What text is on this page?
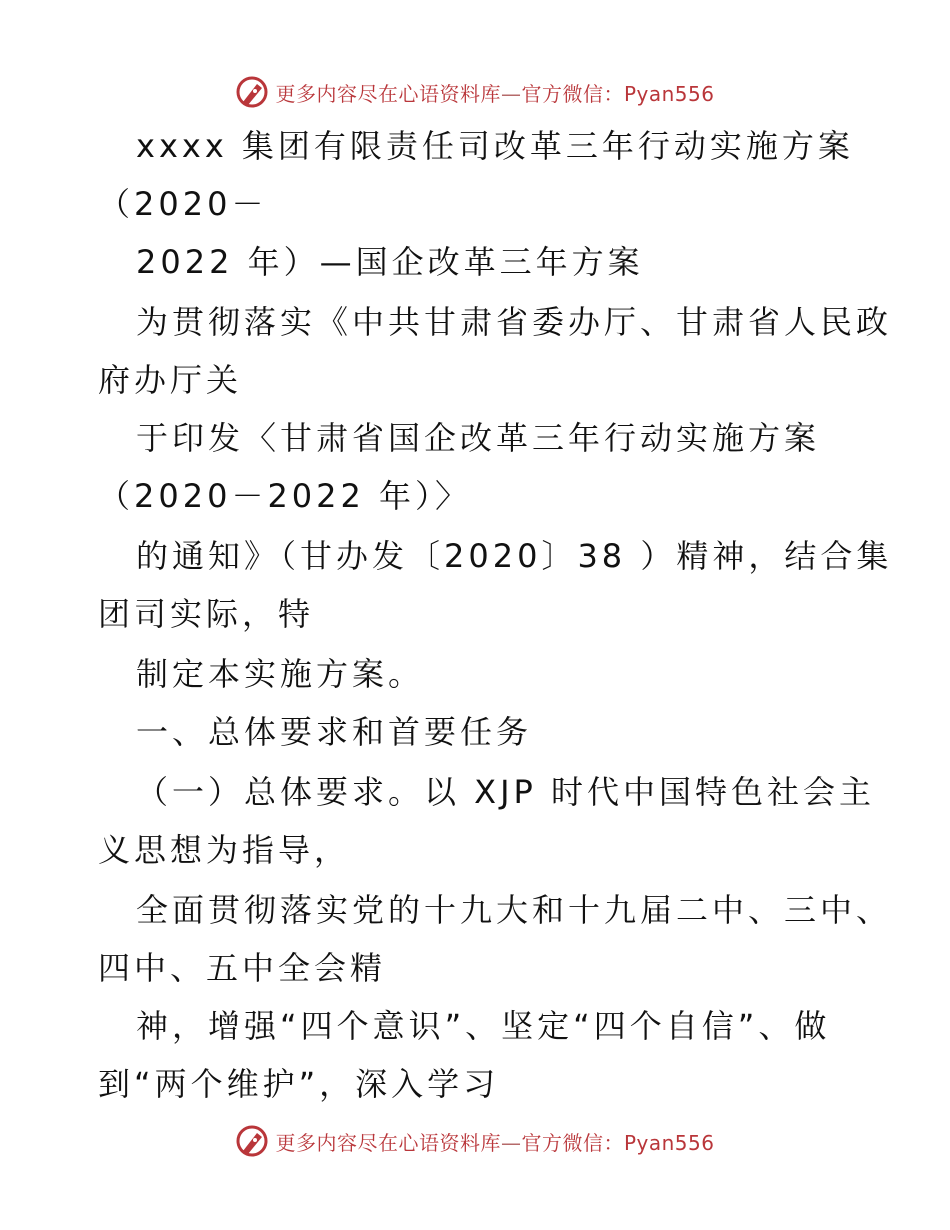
更多内容尽在心语资料库—官方微信：Pyan556
xxxx 集团有限责任司改革三年行动实施方案
（2020－
2022 年）—国企改革三年方案
为贯彻落实《中共甘肃省委办厅、甘肃省人民政
府办厅关
于印发〈甘肃省国企改革三年行动实施方案
（2020－2022 年）〉
的通知》（甘办发〔2020〕38 ）精神，结合集
团司实际，特
制定本实施方案。
一、总体要求和首要任务
（一）总体要求。以 XJP 时代中国特色社会主
义思想为指导，
全面贯彻落实党的十九大和十九届二中、三中、
四中、五中全会精
神，增强“四个意识”、坚定“四个自信”、做
到“两个维护”，深入学习
更多内容尽在心语资料库—官方微信：Pyan556
